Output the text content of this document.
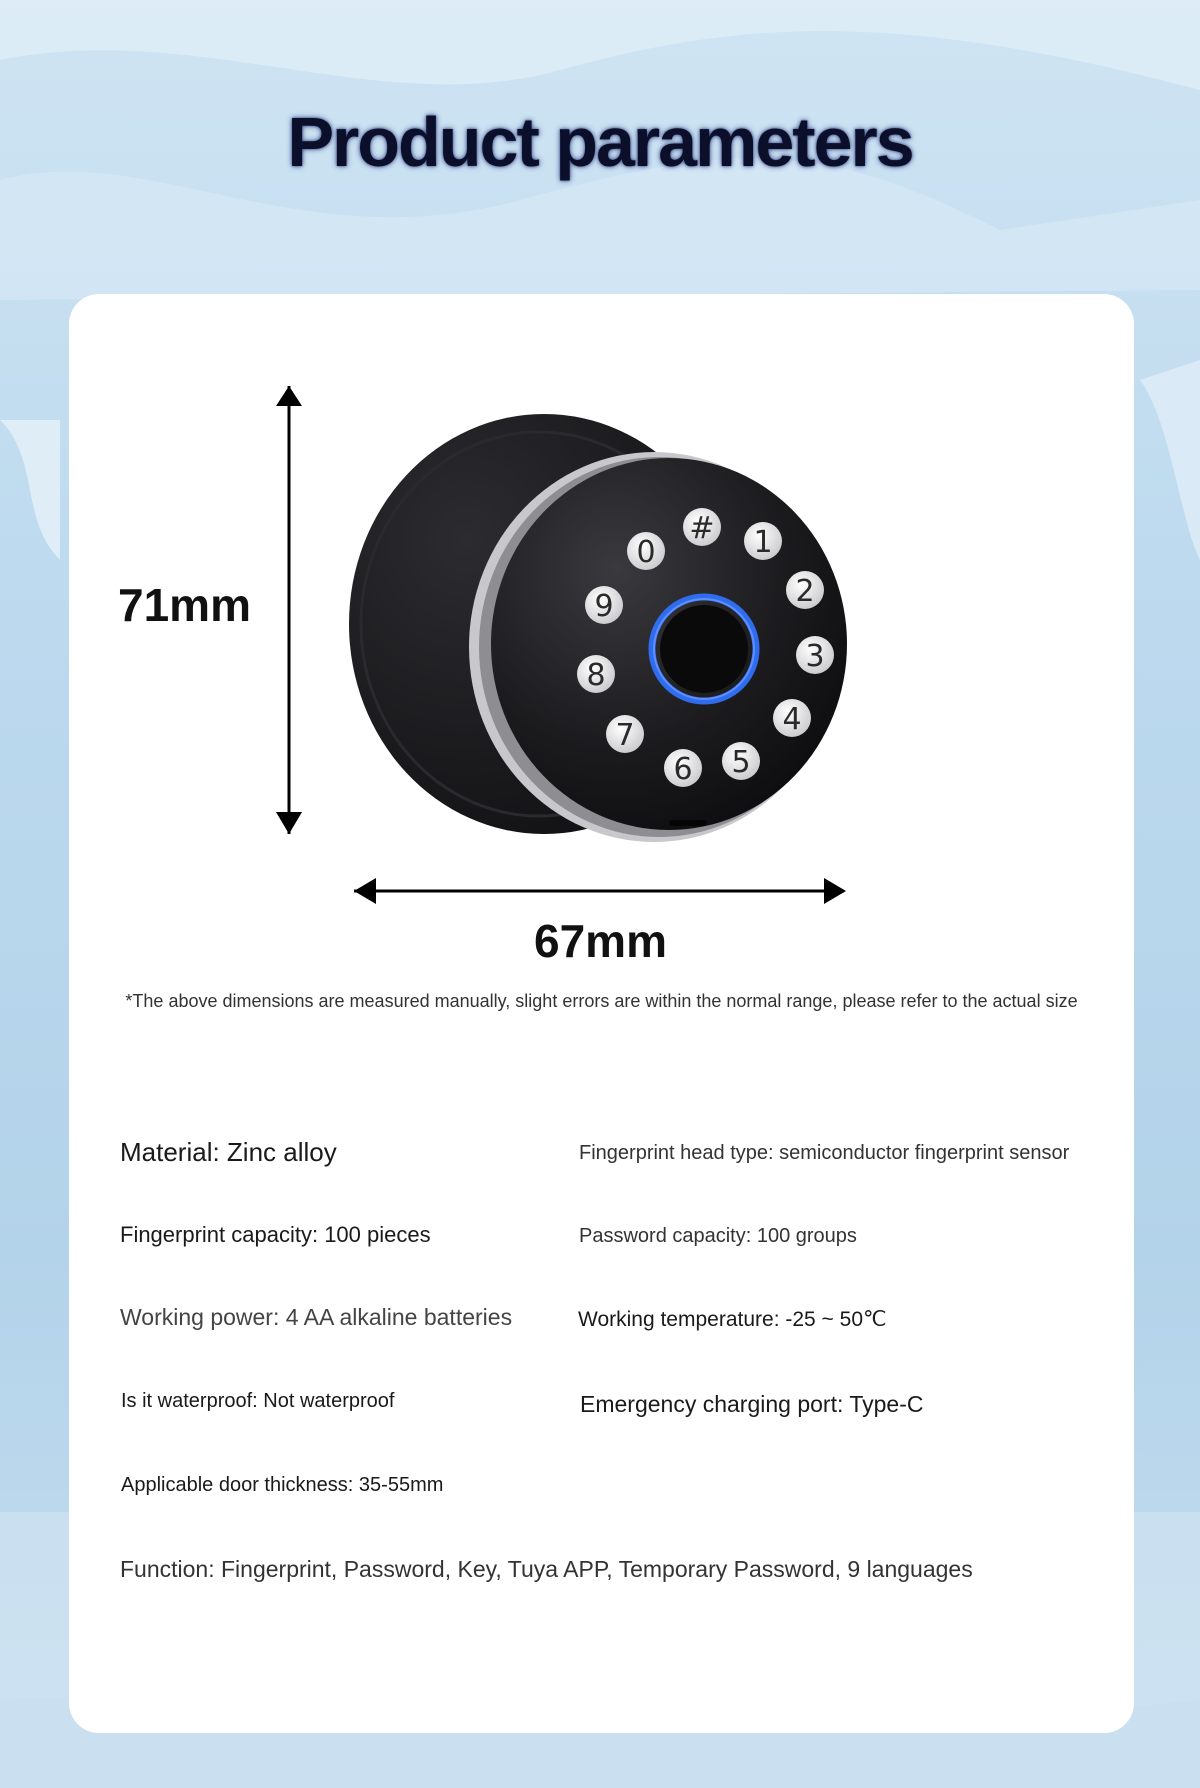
Product parameters
# 1
2
3
4
5
6
7
8
9
0
71mm
67mm
*The above dimensions are measured manually, slight errors are within the normal range, please refer to the actual size
Material: Zinc alloy	Fingerprint head type: semiconductor fingerprint sensor
Fingerprint capacity: 100 pieces	Password capacity: 100 groups
Working power: 4 AA alkaline batteries	Working temperature: -25 ~ 50℃
Is it waterproof: Not waterproof	Emergency charging port: Type-C
Applicable door thickness: 35-55mm
Function: Fingerprint, Password, Key, Tuya APP, Temporary Password, 9 languages
